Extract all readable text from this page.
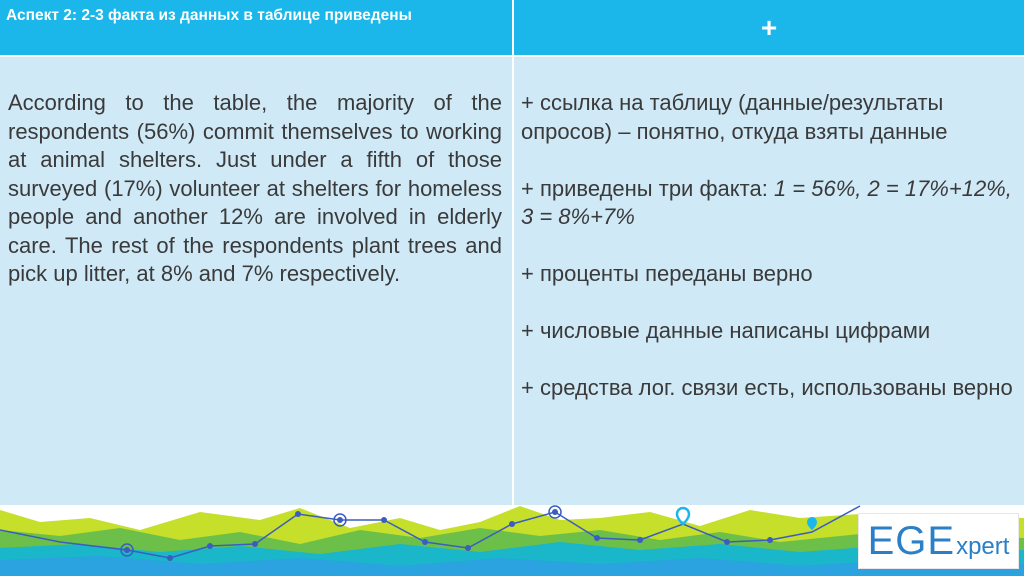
Аспект 2: 2-3 факта из данных в таблице приведены	+
According to the table, the majority of the respondents (56%) commit themselves to working at animal shelters. Just under a fifth of those surveyed (17%) volunteer at shelters for homeless people and another 12% are involved in elderly care. The rest of the respondents plant trees and pick up litter, at 8% and 7% respectively.
+ ссылка на таблицу (данные/результаты опросов) – понятно, откуда взяты данные
+ приведены три факта: 1 = 56%, 2 = 17%+12%, 3 = 8%+7%
+ проценты переданы верно
+ числовые данные написаны цифрами
+ средства лог. связи есть, использованы верно
EGE xpert
